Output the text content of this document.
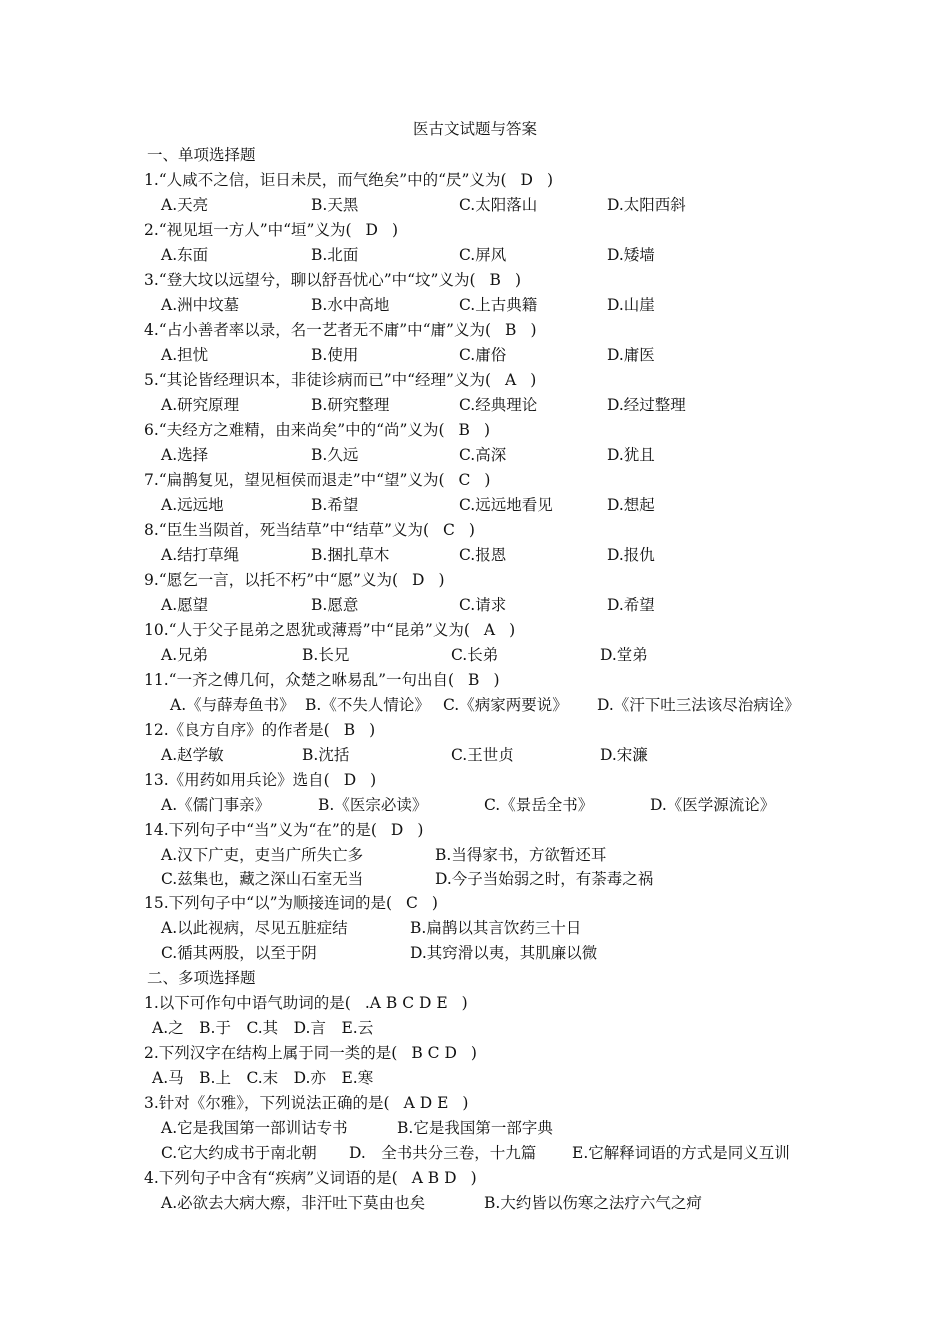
医古文试题与答案
一、单项选择题
1.“人咸不之信，讵日未昃，而气绝矣”中的“昃”义为( D )
A.天亮	B.天黑	C.太阳落山	D.太阳西斜
2.“视见垣一方人”中“垣”义为( D )
A.东面	B.北面	C.屏风	D.矮墙
3.“登大坟以远望兮，聊以舒吾忧心”中“坟”义为( B )
A.洲中坟墓	B.水中高地	C.上古典籍	D.山崖
4.“占小善者率以录，名一艺者无不庸”中“庸”义为( B )
A.担忧	B.使用	C.庸俗	D.庸医
5.“其论皆经理识本，非徒诊病而已”中“经理”义为( A )
A.研究原理	B.研究整理	C.经典理论	D.经过整理
6.“夫经方之难精，由来尚矣”中的“尚”义为( B )
A.选择	B.久远	C.高深	D.犹且
7.“扁鹊复见，望见桓侯而退走”中“望”义为( C )
A.远远地	B.希望	C.远远地看见	D.想起
8.“臣生当陨首，死当结草”中“结草”义为( C )
A.结打草绳	B.捆扎草木	C.报恩	D.报仇
9.“愿乞一言，以托不朽”中“愿”义为( D )
A.愿望	B.愿意	C.请求	D.希望
10.“人于父子昆弟之恩犹或薄焉”中“昆弟”义为( A )
A.兄弟	B.长兄	C.长弟	D.堂弟
11.“一齐之傅几何，众楚之咻易乱”一句出自( B )
A.《与薛寿鱼书》 B.《不失人情论》 C.《病家两要说》 D.《汗下吐三法该尽治病诠》
12.《良方自序》的作者是( B )
A.赵学敏	B.沈括	C.王世贞	D.宋濂
13.《用药如用兵论》选自( D )
A.《儒门事亲》	B.《医宗必读》	C.《景岳全书》	D.《医学源流论》
14.下列句子中“当”义为“在”的是( D )
A.汉下广吏，吏当广所失亡多	B.当得家书，方欲暂还耳
C.兹集也，藏之深山石室无当	D.今子当始弱之时，有荼毒之祸
15.下列句子中“以”为顺接连词的是( C )
A.以此视病，尽见五脏症结	B.扁鹊以其言饮药三十日
C.循其两股，以至于阴	D.其窍滑以夷，其肌廉以微
二、多项选择题
1.以下可作句中语气助词的是( .A B C D E )
A.之　B.于　C.其　D.言　E.云
2.下列汉字在结构上属于同一类的是( B C D )
A.马　B.上　C.末　D.亦　E.寒
3.针对《尔雅》，下列说法正确的是( A D E )
A.它是我国第一部训诂专书	B.它是我国第一部字典
C.它大约成书于南北朝 D.　全书共分三卷，十九篇 E.它解释词语的方式是同义互训
4.下列句子中含有“疾病”义词语的是( A B D )
A.必欲去大病大瘵，非汗吐下莫由也矣	B.大约皆以伤寒之法疗六气之疴
